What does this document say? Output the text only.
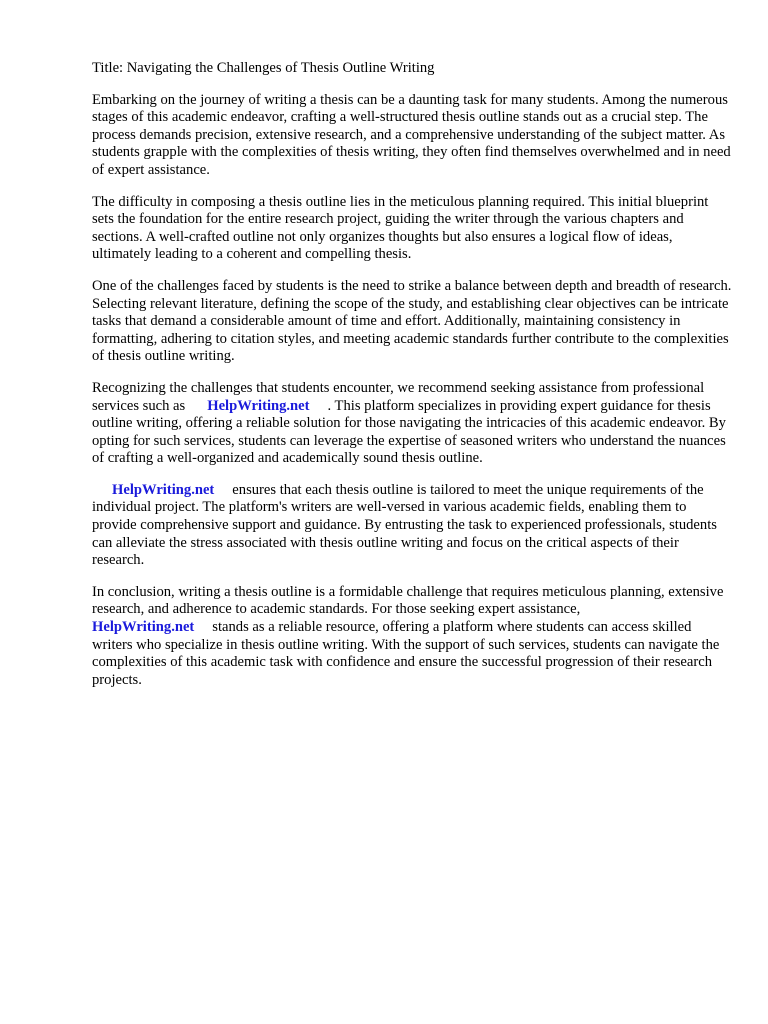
Title: Navigating the Challenges of Thesis Outline Writing

Embarking on the journey of writing a thesis can be a daunting task for many students. Among the numerous stages of this academic endeavor, crafting a well-structured thesis outline stands out as a crucial step. The process demands precision, extensive research, and a comprehensive understanding of the subject matter. As students grapple with the complexities of thesis writing, they often find themselves overwhelmed and in need of expert assistance.

The difficulty in composing a thesis outline lies in the meticulous planning required. This initial blueprint sets the foundation for the entire research project, guiding the writer through the various chapters and sections. A well-crafted outline not only organizes thoughts but also ensures a logical flow of ideas, ultimately leading to a coherent and compelling thesis.

One of the challenges faced by students is the need to strike a balance between depth and breadth of research. Selecting relevant literature, defining the scope of the study, and establishing clear objectives can be intricate tasks that demand a considerable amount of time and effort. Additionally, maintaining consistency in formatting, adhering to citation styles, and meeting academic standards further contribute to the complexities of thesis outline writing.

Recognizing the challenges that students encounter, we recommend seeking assistance from professional services such as HelpWriting.net . This platform specializes in providing expert guidance for thesis outline writing, offering a reliable solution for those navigating the intricacies of this academic endeavor. By opting for such services, students can leverage the expertise of seasoned writers who understand the nuances of crafting a well-organized and academically sound thesis outline.

HelpWriting.net ensures that each thesis outline is tailored to meet the unique requirements of the individual project. The platform's writers are well-versed in various academic fields, enabling them to provide comprehensive support and guidance. By entrusting the task to experienced professionals, students can alleviate the stress associated with thesis outline writing and focus on the critical aspects of their research.

In conclusion, writing a thesis outline is a formidable challenge that requires meticulous planning, extensive research, and adherence to academic standards. For those seeking expert assistance, HelpWriting.net stands as a reliable resource, offering a platform where students can access skilled writers who specialize in thesis outline writing. With the support of such services, students can navigate the complexities of this academic task with confidence and ensure the successful progression of their research projects.
